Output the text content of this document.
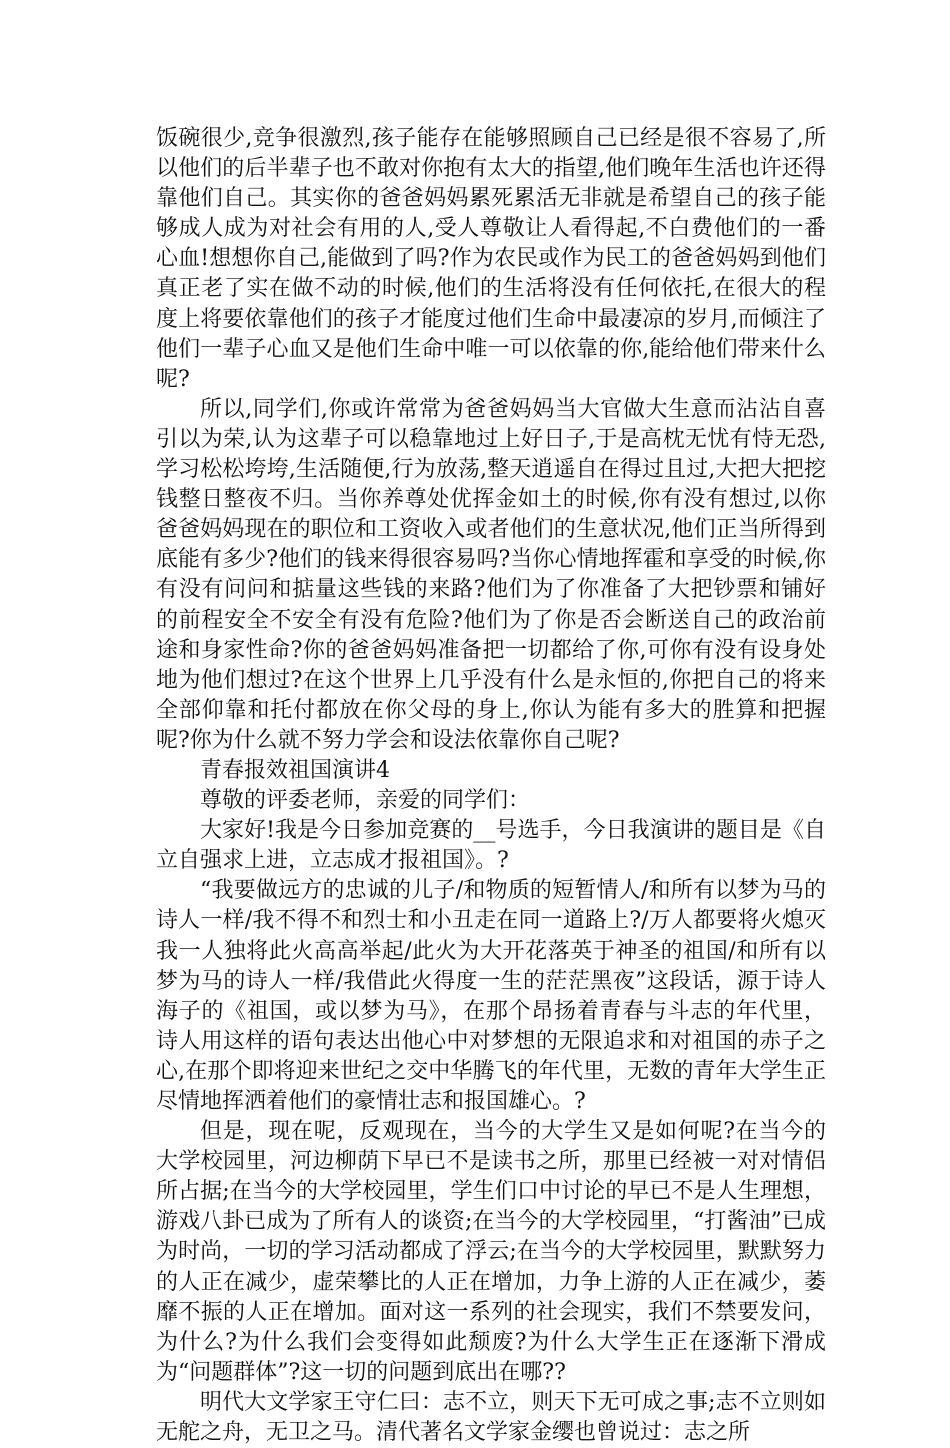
饭碗很少,竞争很激烈,孩子能存在能够照顾自己已经是很不容易了,所以他们的后半辈子也不敢对你抱有太大的指望,他们晚年生活也许还得靠他们自己。其实你的爸爸妈妈累死累活无非就是希望自己的孩子能够成人成为对社会有用的人,受人尊敬让人看得起,不白费他们的一番心血!想想你自己,能做到了吗?作为农民或作为民工的爸爸妈妈到他们真正老了实在做不动的时候,他们的生活将没有任何依托,在很大的程度上将要依靠他们的孩子才能度过他们生命中最凄凉的岁月,而倾注了他们一辈子心血又是他们生命中唯一可以依靠的你,能给他们带来什么呢?

所以,同学们,你或许常常为爸爸妈妈当大官做大生意而沾沾自喜引以为荣,认为这辈子可以稳靠地过上好日子,于是高枕无忧有恃无恐,学习松松垮垮,生活随便,行为放荡,整天逍遥自在得过且过,大把大把挖钱整日整夜不归。当你养尊处优挥金如土的时候,你有没有想过,以你爸爸妈妈现在的职位和工资收入或者他们的生意状况,他们正当所得到底能有多少?他们的钱来得很容易吗?当你心情地挥霍和享受的时候,你有没有问问和掂量这些钱的来路?他们为了你准备了大把钞票和铺好的前程安全不安全有没有危险?他们为了你是否会断送自己的政治前途和身家性命?你的爸爸妈妈准备把一切都给了你,可你有没有设身处地为他们想过?在这个世界上几乎没有什么是永恒的,你把自己的将来全部仰靠和托付都放在你父母的身上,你认为能有多大的胜算和把握呢?你为什么就不努力学会和设法依靠你自己呢?

青春报效祖国演讲4

尊敬的评委老师，亲爱的同学们：

大家好!我是今日参加竞赛的__号选手，今日我演讲的题目是《自立自强求上进，立志成才报祖国》。?

“我要做远方的忠诚的儿子/和物质的短暂情人/和所有以梦为马的诗人一样/我不得不和烈士和小丑走在同一道路上?/万人都要将火熄灭我一人独将此火高高举起/此火为大开花落英于神圣的祖国/和所有以梦为马的诗人一样/我借此火得度一生的茫茫黑夜”这段话，源于诗人海子的《祖国，或以梦为马》，在那个昂扬着青春与斗志的年代里，诗人用这样的语句表达出他心中对梦想的无限追求和对祖国的赤子之心,在那个即将迎来世纪之交中华腾飞的年代里，无数的青年大学生正尽情地挥洒着他们的豪情壮志和报国雄心。?

但是，现在呢，反观现在，当今的大学生又是如何呢?在当今的大学校园里，河边柳荫下早已不是读书之所，那里已经被一对对情侣所占据;在当今的大学校园里，学生们口中讨论的早已不是人生理想，游戏八卦已成为了所有人的谈资;在当今的大学校园里，“打酱油”已成为时尚，一切的学习活动都成了浮云;在当今的大学校园里，默默努力的人正在减少，虚荣攀比的人正在增加，力争上游的人正在减少，萎靡不振的人正在增加。面对这一系列的社会现实，我们不禁要发问，为什么?为什么我们会变得如此颓废?为什么大学生正在逐渐下滑成为“问题群体”?这一切的问题到底出在哪??

明代大文学家王守仁曰：志不立，则天下无可成之事;志不立则如无舵之舟，无卫之马。清代著名文学家金缨也曾说过：志之所
